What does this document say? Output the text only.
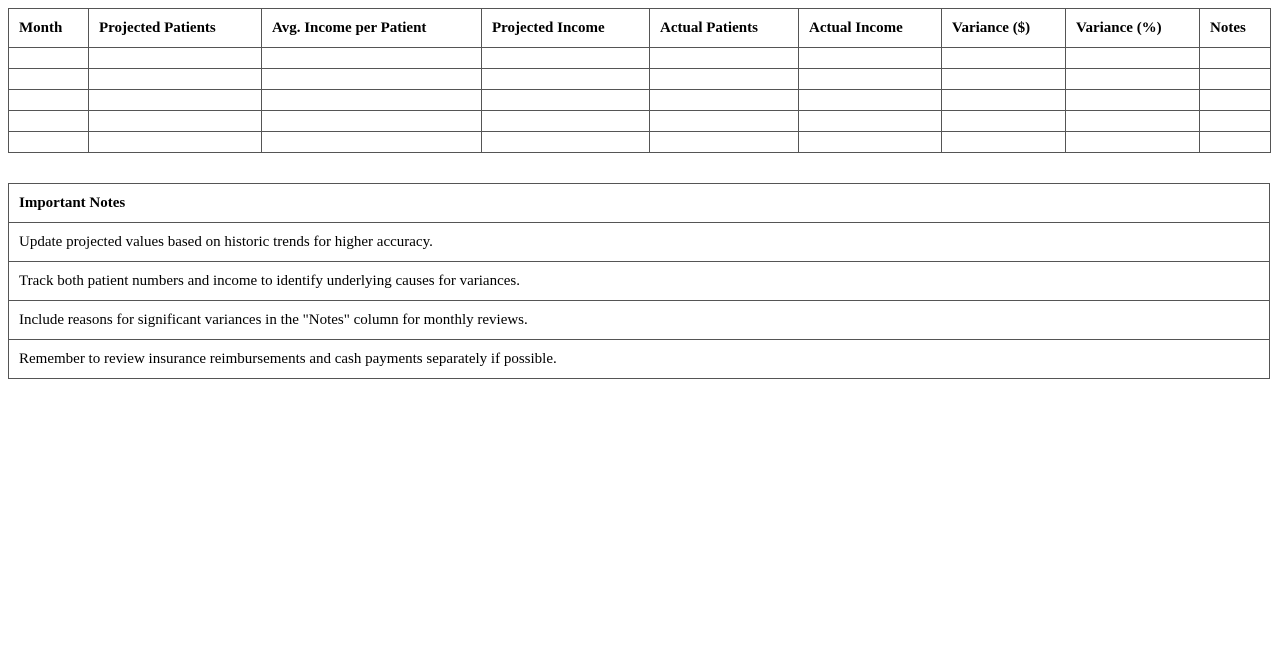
Month	Projected Patients	Avg. Income per Patient	Projected Income	Actual Patients	Actual Income	Variance ($)	Variance (%)	Notes

Important Notes
Update projected values based on historic trends for higher accuracy.
Track both patient numbers and income to identify underlying causes for variances.
Include reasons for significant variances in the "Notes" column for monthly reviews.
Remember to review insurance reimbursements and cash payments separately if possible.
